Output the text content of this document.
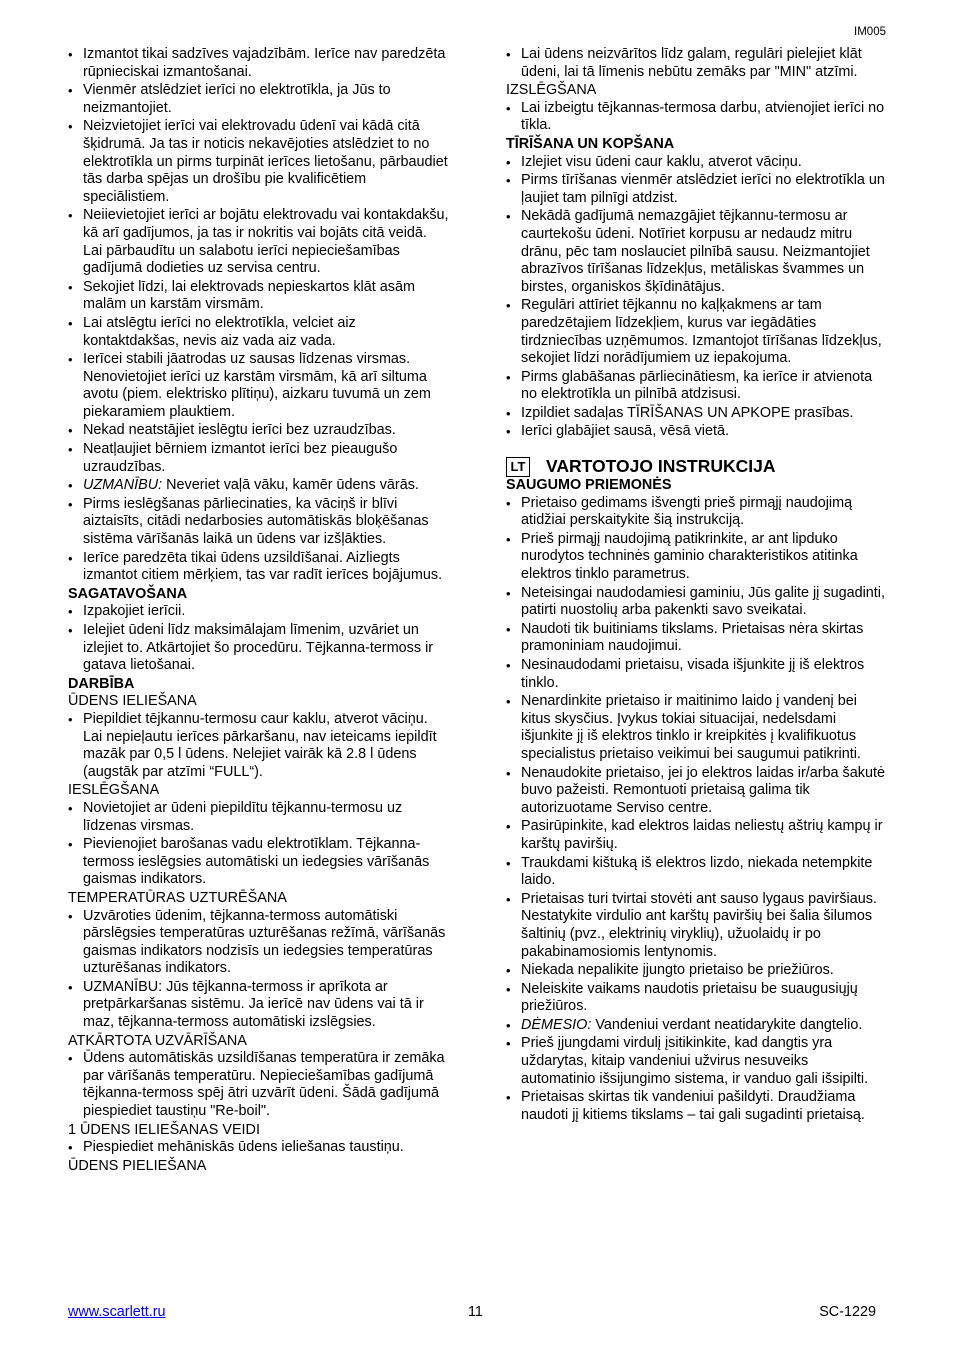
IM005
• Izmantot tikai sadzīves vajadzībām. Ierīce nav paredzēta rūpnieciskai izmantošanai.
• Vienmēr atslēdziet ierīci no elektrotīkla, ja Jūs to neizmantojiet.
• Neizvietojiet ierīci vai elektrovadu ūdenī vai kādā citā šķidrumā. Ja tas ir noticis nekavējoties atslēdziet to no elektrotīkla un pirms turpināt ierīces lietošanu, pārbaudiet tās darba spējas un drošību pie kvalificētiem speciālistiem.
• Neiievietojiet ierīci ar bojātu elektrovadu vai kontakdakšu, kā arī gadījumos, ja tas ir nokritis vai bojāts citā veidā. Lai pārbaudītu un salabotu ierīci nepieciešamības gadījumā dodieties uz servisa centru.
• Sekojiet līdzi, lai elektrovads nepieskartos klāt asām malām un karstām virsmām.
• Lai atslēgtu ierīci no elektrotīkla, velciet aiz kontaktdakšas, nevis aiz vada aiz vada.
• Ierīcei stabili jāatrodas uz sausas līdzenas virsmas. Nenovietojiet ierīci uz karstām virsmām, kā arī siltuma avotu (piem. elektrisko plītiņu), aizkaru tuvumā un zem piekaramiem plauktiem.
• Nekad neatstājiet ieslēgtu ierīci bez uzraudzības.
• Neatļaujiet bērniem izmantot ierīci bez pieaugušo uzraudzības.
• UZMANĪBU: Neveriet vaļā vāku, kamēr ūdens vārās.
• Pirms ieslēgšanas pārliecinaties, ka vāciņš ir blīvi aiztaisīts, citādi nedarbosies automātiskās bloķēšanas sistēma vārīšanās laikā un ūdens var izšļākties.
• Ierīce paredzēta tikai ūdens uzsildīšanai. Aizliegts izmantot citiem mērķiem, tas var radīt ierīces bojājumus.
SAGATAVOŠANA
• Izpakojiet ierīcii.
• Ielejiet ūdeni līdz maksimālajam līmenim, uzvāriet un izlejiet to. Atkārtojiet šo procedūru. Tējkanna-termoss ir gatava lietošanai.
DARBĪBA
ŪDENS IELIEŠANA
• Piepildiet tējkannu-termosu caur kaklu, atverot vāciņu. Lai nepieļautu ierīces pārkaršanu, nav ieteicams iepildīt mazāk par 0,5 l ūdens. Nelejiet vairāk kā 2.8 l ūdens (augstāk par atzīmi “FULL“).
IESLĒGŠANA
• Novietojiet ar ūdeni piepildītu tējkannu-termosu uz līdzenas virsmas.
• Pievienojiet barošanas vadu elektrotīklam. Tējkanna-termoss ieslēgsies automātiski un iedegsies vārīšanās gaismas indikators.
TEMPERATŪRAS UZTURĒŠANA
• Uzvāroties ūdenim, tējkanna-termoss automātiski pārslēgsies temperatūras uzturēšanas režīmā, vārīšanās gaismas indikators nodzisīs un iedegsies temperatūras uzturēšanas indikators.
• UZMANĪBU: Jūs tējkanna-termoss ir aprīkota ar pretpārkaršanas sistēmu. Ja ierīcē nav ūdens vai tā ir maz, tējkanna-termoss automātiski izslēgsies.
ATKĀRTOTA UZVĀRĪŠANA
• Ūdens automātiskās uzsildīšanas temperatūra ir zemāka par vārīšanās temperatūru. Nepieciešamības gadījumā tējkanna-termoss spēj ātri uzvārīt ūdeni. Šādā gadījumā piespiediet taustiņu "Re-boil".
1 ŪDENS IELIEŠANAS VEIDI
• Piespiediet mehāniskās ūdens ieliešanas taustiņu.
ŪDENS PIELIEŠANA
• Lai ūdens neizvārītos līdz galam, regulāri pielejiet klāt ūdeni, lai tā līmenis nebūtu zemāks par "MIN" atzīmi.
IZSLĒGŠANA
• Lai izbeigtu tējkannas-termosa darbu, atvienojiet ierīci no tīkla.
TĪRĪŠANA UN KOPŠANA
• Izlejiet visu ūdeni caur kaklu, atverot vāciņu.
• Pirms tīrīšanas vienmēr atslēdziet ierīci no elektrotīkla un ļaujiet tam pilnīgi atdzist.
• Nekādā gadījumā nemazgājiet tējkannu-termosu ar caurtekošu ūdeni. Notīriet korpusu ar nedaudz mitru drānu, pēc tam noslauciet pilnībā sausu. Neizmantojiet abrazīvos tīrīšanas līdzekļus, metāliskas švammes un birstes, organiskos šķīdinātājus.
• Regulāri attīriet tējkannu no kaļķakmens ar tam paredzētajiem līdzekļiem, kurus var iegādāties tirdzniecības uzņēmumos. Izmantojot tīrīšanas līdzekļus, sekojiet līdzi norādījumiem uz iepakojuma.
• Pirms glabāšanas pārliecinātiesm, ka ierīce ir atvienota no elektrotīkla un pilnībā atdzisusi.
• Izpildiet sadaļas TĪRĪŠANAS UN APKOPE prasības.
• Ierīci glabājiet sausā, vēsā vietā.
LT VARTOTOJO INSTRUKCIJA
SAUGUMO PRIEMONĖS
• Prietaiso gedimams išvengti prieš pirmąjį naudojimą atidžiai perskaitykite šią instrukciją.
• Prieš pirmąjį naudojimą patikrinkite, ar ant lipduko nurodytos techninės gaminio charakteristikos atitinka elektros tinklo parametrus.
• Neteisingai naudodamiesi gaminiu, Jūs galite jį sugadinti, patirti nuostolių arba pakenkti savo sveikatai.
• Naudoti tik buitiniams tikslams. Prietaisas nėra skirtas pramoniniam naudojimui.
• Nesinaudodami prietaisu, visada išjunkite jį iš elektros tinklo.
• Nenardinkite prietaiso ir maitinimo laido į vandenį bei kitus skysčius. Įvykus tokiai situacijai, nedelsdami išjunkite jį iš elektros tinklo ir kreipkitės į kvalifikuotus specialistus prietaiso veikimui bei saugumui patikrinti.
• Nenaudokite prietaiso, jei jo elektros laidas ir/arba šakutė buvo pažeisti. Remontuoti prietaisą galima tik autorizuotame Serviso centre.
• Pasirūpinkite, kad elektros laidas neliestų aštrių kampų ir karštų paviršių.
• Traukdami kištuką iš elektros lizdo, niekada netempkite laido.
• Prietaisas turi tvirtai stovėti ant sauso lygaus paviršiaus. Nestatykite virdulio ant karštų paviršių bei šalia šilumos šaltinių (pvz., elektrinių viryklių), užuolaidų ir po pakabinamosiomis lentynomis.
• Niekada nepalikite įjungto prietaiso be priežiūros.
• Neleiskite vaikams naudotis prietaisu be suaugusiųjų priežiūros.
• DĖMESIO: Vandeniui verdant neatidarykite dangtelio.
• Prieš įjungdami virdulį įsitikinkite, kad dangtis yra uždarytas, kitaip vandeniui užvirus nesuveiks automatinio išsijungimo sistema, ir vanduo gali išsipilti.
• Prietaisas skirtas tik vandeniui pašildyti. Draudžiama naudoti jį kitiems tikslams – tai gali sugadinti prietaisą.
www.scarlett.ru	11	SC-1229
